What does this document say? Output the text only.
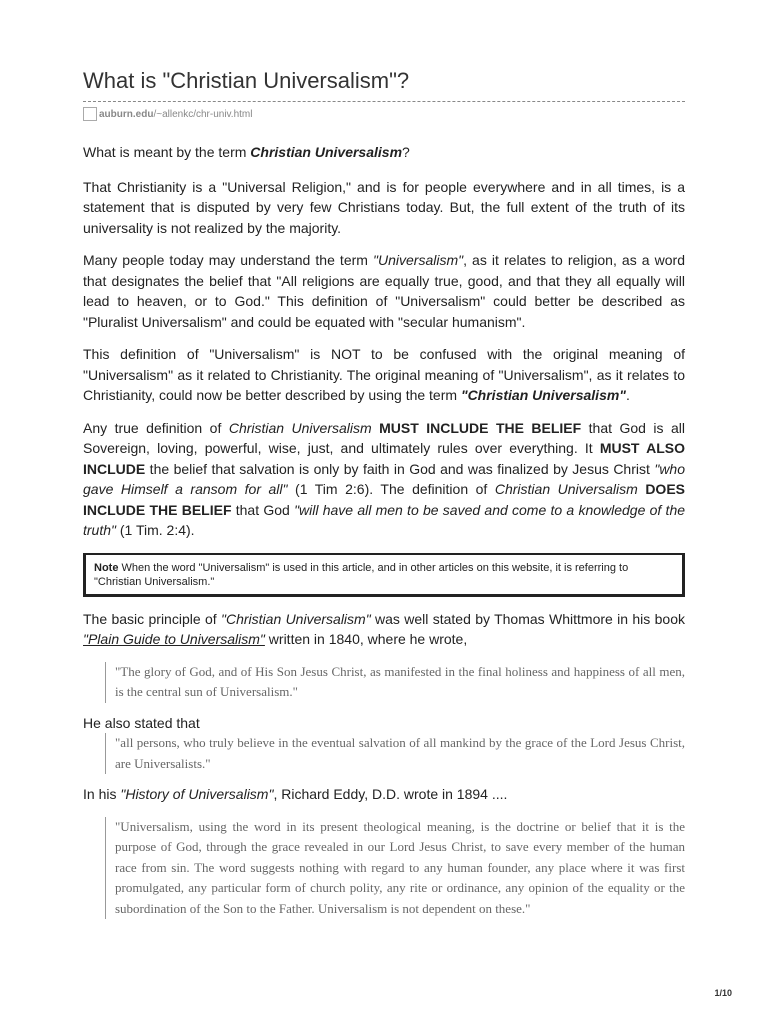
What is "Christian Universalism"?
auburn.edu/~allenkc/chr-univ.html

What is meant by the term Christian Universalism?

That Christianity is a "Universal Religion," and is for people everywhere and in all times, is a statement that is disputed by very few Christians today. But, the full extent of the truth of its universality is not realized by the majority.

Many people today may understand the term "Universalism", as it relates to religion, as a word that designates the belief that "All religions are equally true, good, and that they all equally will lead to heaven, or to God." This definition of "Universalism" could better be described as "Pluralist Universalism" and could be equated with "secular humanism".

This definition of "Universalism" is NOT to be confused with the original meaning of "Universalism" as it related to Christianity. The original meaning of "Universalism", as it relates to Christianity, could now be better described by using the term "Christian Universalism".

Any true definition of Christian Universalism MUST INCLUDE THE BELIEF that God is all Sovereign, loving, powerful, wise, just, and ultimately rules over everything. It MUST ALSO INCLUDE the belief that salvation is only by faith in God and was finalized by Jesus Christ "who gave Himself a ransom for all" (1 Tim 2:6). The definition of Christian Universalism DOES INCLUDE THE BELIEF that God "will have all men to be saved and come to a knowledge of the truth" (1 Tim. 2:4).

Note When the word "Universalism" is used in this article, and in other articles on this website, it is referring to "Christian Universalism."

The basic principle of "Christian Universalism" was well stated by Thomas Whittmore in his book "Plain Guide to Universalism" written in 1840, where he wrote,

"The glory of God, and of His Son Jesus Christ, as manifested in the final holiness and happiness of all men, is the central sun of Universalism."

He also stated that

"all persons, who truly believe in the eventual salvation of all mankind by the grace of the Lord Jesus Christ, are Universalists."

In his "History of Universalism", Richard Eddy, D.D. wrote in 1894 ....

"Universalism, using the word in its present theological meaning, is the doctrine or belief that it is the purpose of God, through the grace revealed in our Lord Jesus Christ, to save every member of the human race from sin. The word suggests nothing with regard to any human founder, any place where it was first promulgated, any particular form of church polity, any rite or ordinance, any opinion of the equality or the subordination of the Son to the Father. Universalism is not dependent on these."
1/10
